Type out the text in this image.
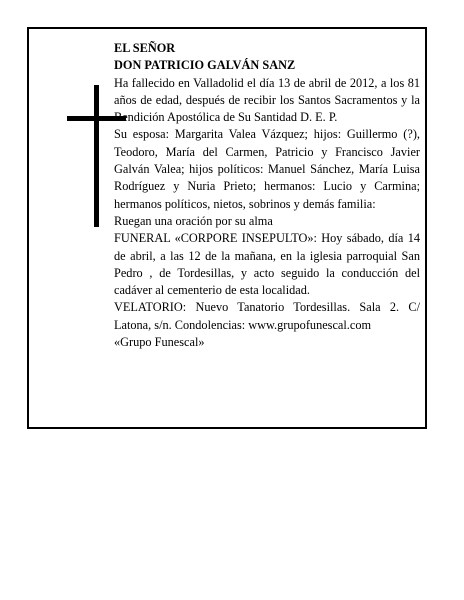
EL SEÑOR

DON PATRICIO GALVÁN SANZ

Ha fallecido en Valladolid el día 13 de abril de 2012, a los 81 años de edad, después de recibir los Santos Sacramentos y la Bendición Apostólica de Su Santidad D. E. P.

Su esposa: Margarita Valea Vázquez; hijos: Guillermo (?), Teodoro, María del Carmen, Patricio y Francisco Javier Galván Valea; hijos políticos: Manuel Sánchez, María Luisa Rodríguez y Nuria Prieto; hermanos: Lucio y Carmina; hermanos políticos, nietos, sobrinos y demás familia:

Ruegan una oración por su alma

FUNERAL «CORPORE INSEPULTO»: Hoy sábado, día 14 de abril, a las 12 de la mañana, en la iglesia parroquial San Pedro , de Tordesillas, y acto seguido la conducción del cadáver al cementerio de esta localidad.

VELATORIO: Nuevo Tanatorio Tordesillas. Sala 2. C/ Latona, s/n. Condolencias: www.grupofunescal.com

«Grupo Funescal»
